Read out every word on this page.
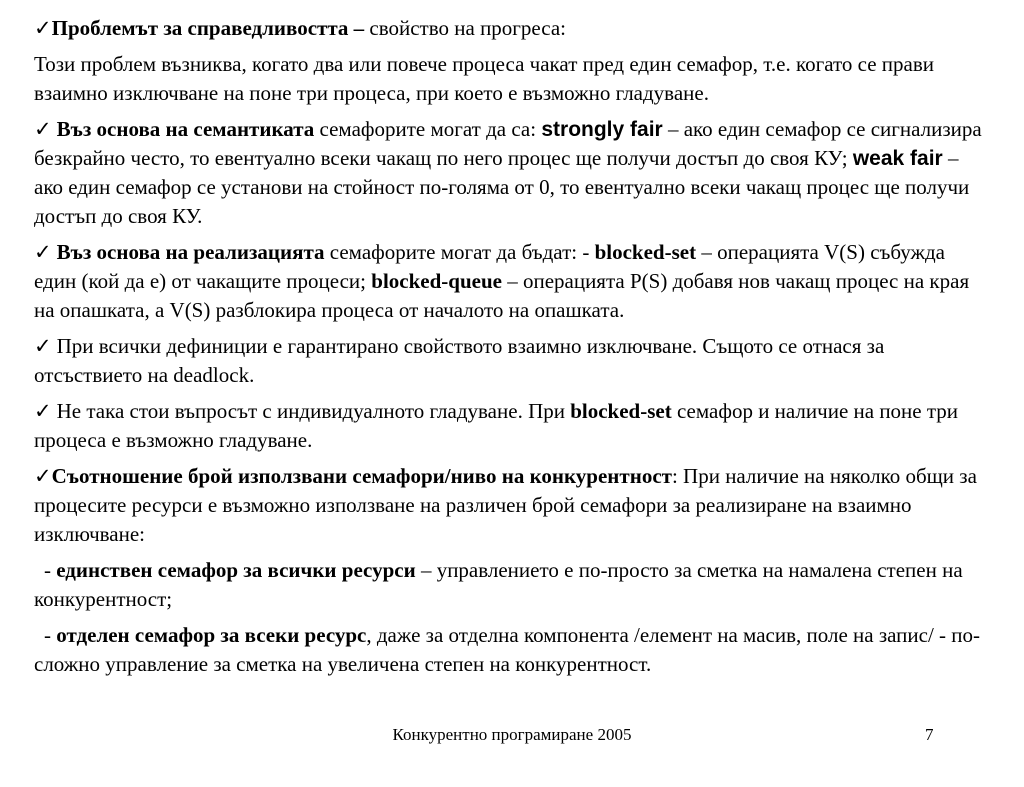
✓Проблемът за справедливостта – свойство на прогреса:

Този проблем възниква, когато два или повече процеса чакат пред един семафор, т.е. когато се прави взаимно изключване на поне три процеса, при което е възможно гладуване.

✓ Въз основа на семантиката семафорите могат да са: strongly fair – ако един семафор се сигнализира безкрайно често, то евентуално всеки чакащ по него процес ще получи достъп до своя КУ; weak fair – ако един семафор се установи на стойност по-голяма от 0, то евентуално всеки чакащ процес ще получи достъп до своя КУ.

✓ Въз основа на реализацията семафорите могат да бъдат: - blocked-set – операцията V(S) събужда един (кой да е) от чакащите процеси; blocked-queue – операцията P(S) добавя нов чакащ процес на края на опашката, а V(S) разблокира процеса от началото на опашката.

✓ При всички дефиниции е гарантирано свойството взаимно изключване. Същото се отнася за отсъствието на deadlock.

✓ Не така стои въпросът с индивидуалното гладуване. При blocked-set семафор и наличие на поне три процеса е възможно гладуване.

✓Съотношение брой използвани семафори/ниво на конкурентност: При наличие на няколко общи за процесите ресурси е възможно използване на различен брой семафори за реализиране на взаимно изключване:

- единствен семафор за всички ресурси – управлението е по-просто за сметка на намалена степен на конкурентност;

- отделен семафор за всеки ресурс, даже за отделна компонента /елемент на масив, поле на запис/ - по-сложно управление за сметка на увеличена степен на конкурентност.

Конкурентно програмиране 2005	7
